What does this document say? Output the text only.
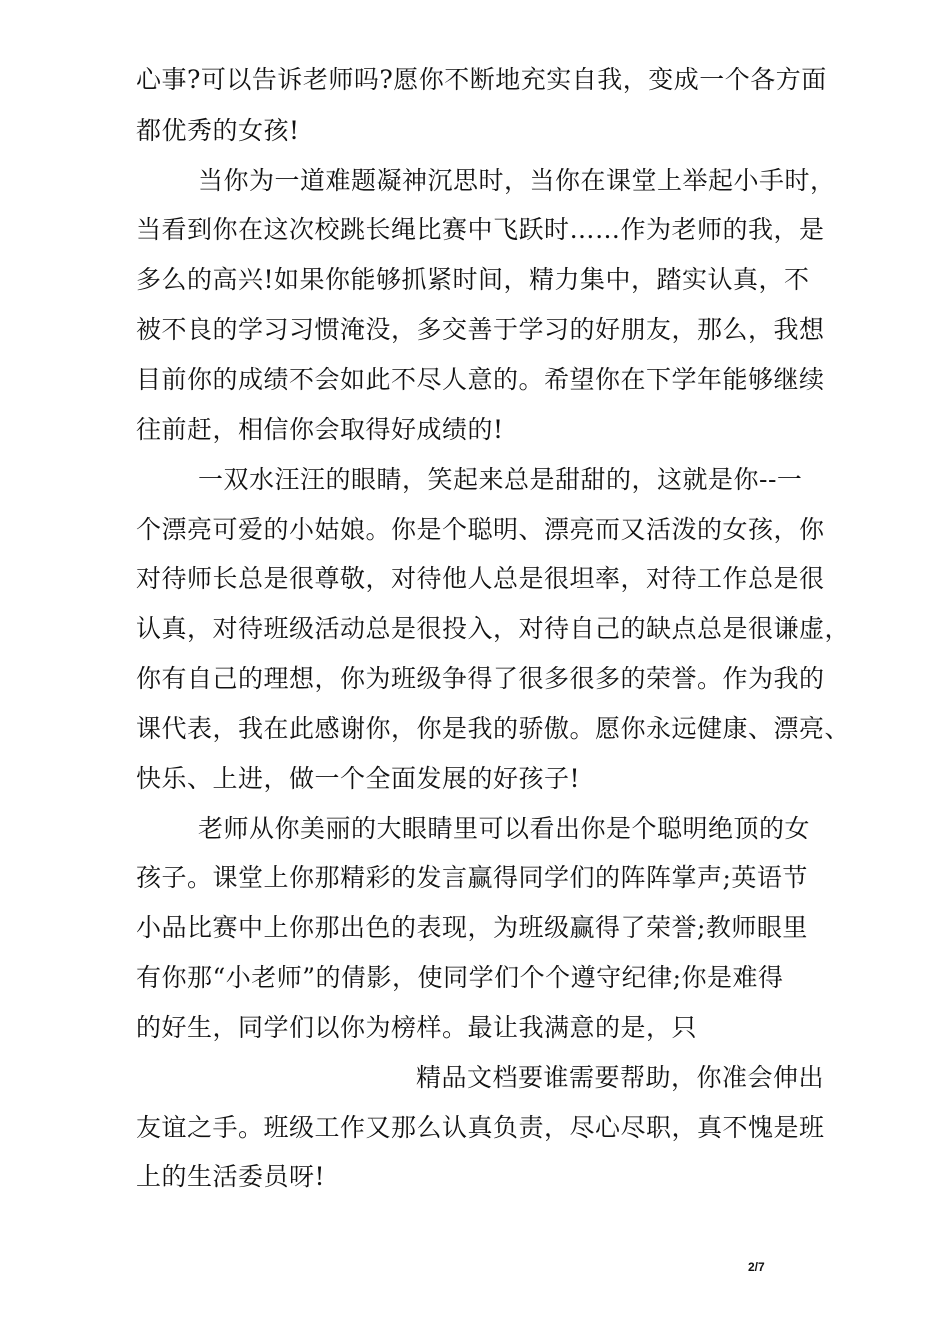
心事?可以告诉老师吗?愿你不断地充实自我，变成一个各方面
都优秀的女孩!
当你为一道难题凝神沉思时，当你在课堂上举起小手时，
当看到你在这次校跳长绳比赛中飞跃时……作为老师的我，是
多么的高兴!如果你能够抓紧时间，精力集中，踏实认真，不
被不良的学习习惯淹没，多交善于学习的好朋友，那么，我想
目前你的成绩不会如此不尽人意的。希望你在下学年能够继续
往前赶，相信你会取得好成绩的!
一双水汪汪的眼睛，笑起来总是甜甜的，这就是你--一
个漂亮可爱的小姑娘。你是个聪明、漂亮而又活泼的女孩，你
对待师长总是很尊敬，对待他人总是很坦率，对待工作总是很
认真，对待班级活动总是很投入，对待自己的缺点总是很谦虚，
你有自己的理想，你为班级争得了很多很多的荣誉。作为我的
课代表，我在此感谢你，你是我的骄傲。愿你永远健康、漂亮、
快乐、上进，做一个全面发展的好孩子!
老师从你美丽的大眼睛里可以看出你是个聪明绝顶的女
孩子。课堂上你那精彩的发言赢得同学们的阵阵掌声;英语节
小品比赛中上你那出色的表现，为班级赢得了荣誉;教师眼里
有你那“小老师”的倩影，使同学们个个遵守纪律;你是难得
的好生，同学们以你为榜样。最让我满意的是，只
精品文档要谁需要帮助，你准会伸出
友谊之手。班级工作又那么认真负责，尽心尽职，真不愧是班
上的生活委员呀!
2/7
